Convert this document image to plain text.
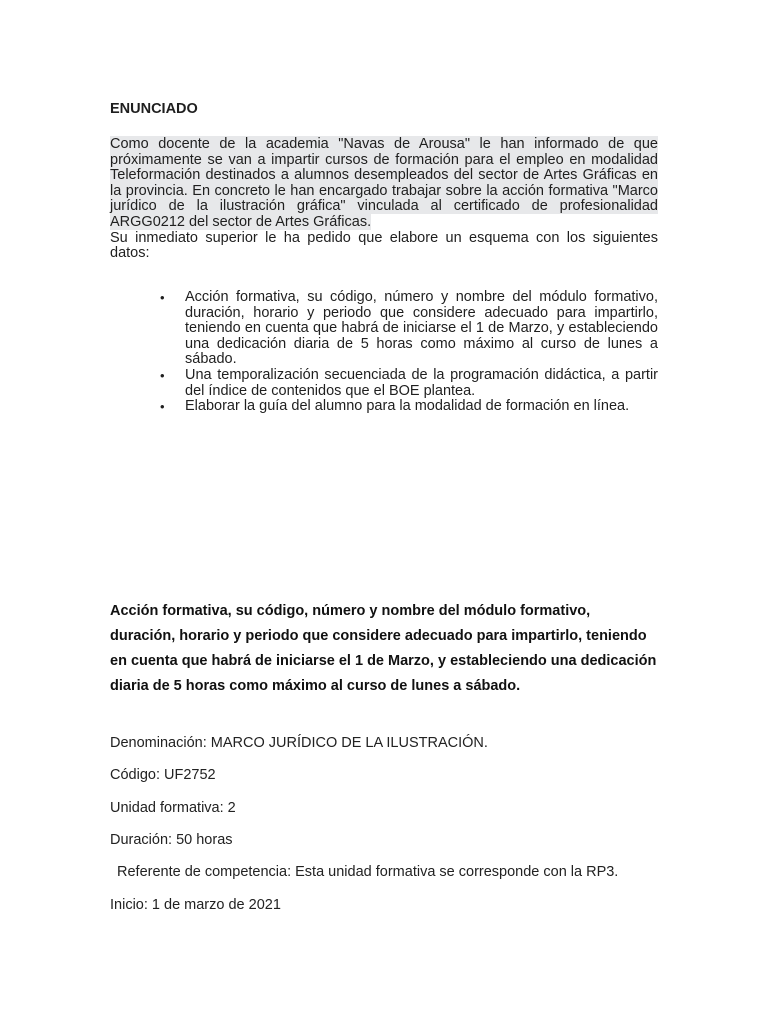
ENUNCIADO

Como docente de la academia "Navas de Arousa" le han informado de que próximamente se van a impartir cursos de formación para el empleo en modalidad Teleformación destinados a alumnos desempleados del sector de Artes Gráficas en la provincia. En concreto le han encargado trabajar sobre la acción formativa "Marco jurídico de la ilustración gráfica" vinculada al certificado de profesionalidad ARGG0212 del sector de Artes Gráficas.
Su inmediato superior le ha pedido que elabore un esquema con los siguientes datos:

• Acción formativa, su código, número y nombre del módulo formativo, duración, horario y periodo que considere adecuado para impartirlo, teniendo en cuenta que habrá de iniciarse el 1 de Marzo, y estableciendo una dedicación diaria de 5 horas como máximo al curso de lunes a sábado.
• Una temporalización secuenciada de la programación didáctica, a partir del índice de contenidos que el BOE plantea.
• Elaborar la guía del alumno para la modalidad de formación en línea.

Acción formativa, su código, número y nombre del módulo formativo, duración, horario y periodo que considere adecuado para impartirlo, teniendo en cuenta que habrá de iniciarse el 1 de Marzo, y estableciendo una dedicación diaria de 5 horas como máximo al curso de lunes a sábado.

Denominación: MARCO JURÍDICO DE LA ILUSTRACIÓN.

Código: UF2752

Unidad formativa: 2

Duración: 50 horas

Referente de competencia: Esta unidad formativa se corresponde con la RP3.

Inicio: 1 de marzo de 2021
